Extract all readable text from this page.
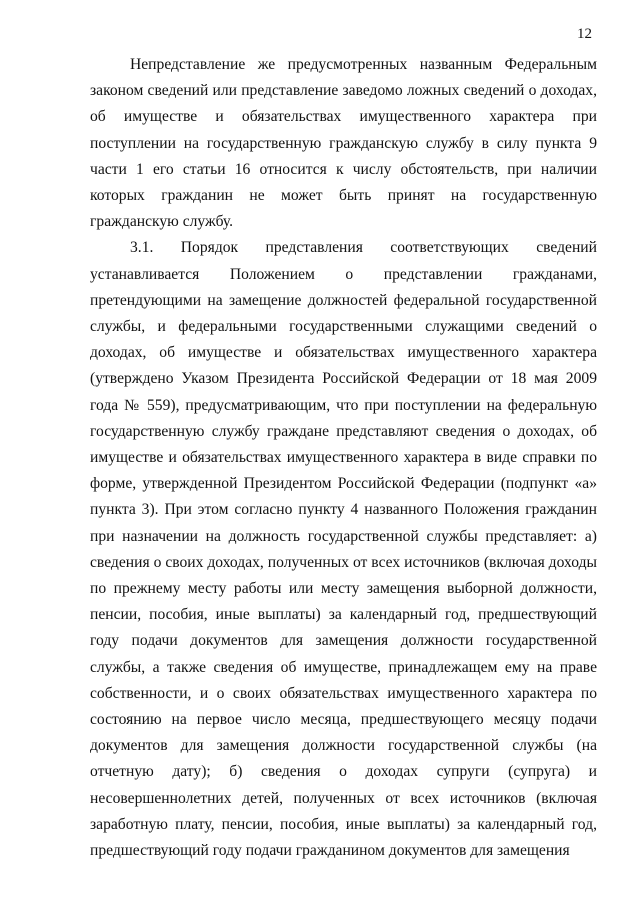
12

Непредставление же предусмотренных названным Федеральным законом сведений или представление заведомо ложных сведений о доходах, об имуществе и обязательствах имущественного характера при поступлении на государственную гражданскую службу в силу пункта 9 части 1 его статьи 16 относится к числу обстоятельств, при наличии которых гражданин не может быть принят на государственную гражданскую службу.

3.1. Порядок представления соответствующих сведений устанавливается Положением о представлении гражданами, претендующими на замещение должностей федеральной государственной службы, и федеральными государственными служащими сведений о доходах, об имуществе и обязательствах имущественного характера (утверждено Указом Президента Российской Федерации от 18 мая 2009 года № 559), предусматривающим, что при поступлении на федеральную государственную службу граждане представляют сведения о доходах, об имуществе и обязательствах имущественного характера в виде справки по форме, утвержденной Президентом Российской Федерации (подпункт «а» пункта 3). При этом согласно пункту 4 названного Положения гражданин при назначении на должность государственной службы представляет: а) сведения о своих доходах, полученных от всех источников (включая доходы по прежнему месту работы или месту замещения выборной должности, пенсии, пособия, иные выплаты) за календарный год, предшествующий году подачи документов для замещения должности государственной службы, а также сведения об имуществе, принадлежащем ему на праве собственности, и о своих обязательствах имущественного характера по состоянию на первое число месяца, предшествующего месяцу подачи документов для замещения должности государственной службы (на отчетную дату); б) сведения о доходах супруги (супруга) и несовершеннолетних детей, полученных от всех источников (включая заработную плату, пенсии, пособия, иные выплаты) за календарный год, предшествующий году подачи гражданином документов для замещения
